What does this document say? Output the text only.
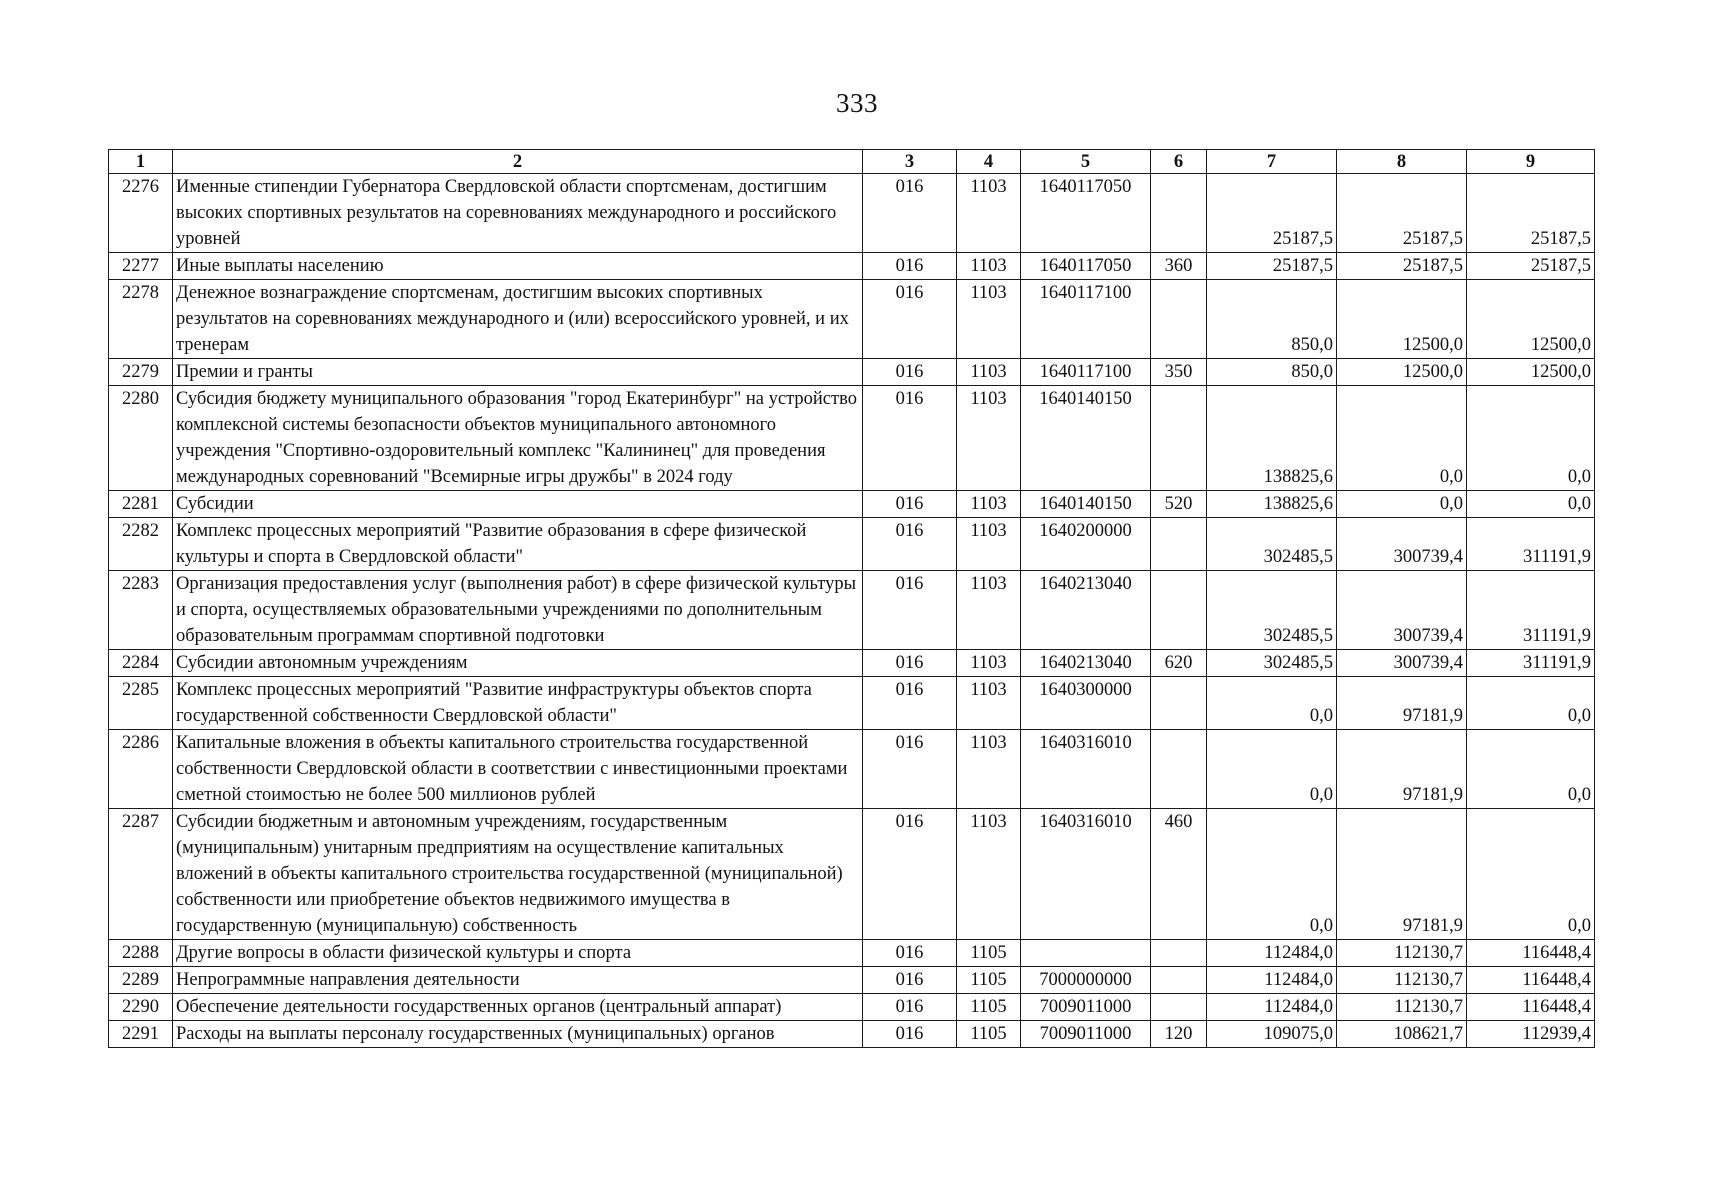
333
1	2	3	4	5	6	7	8	9
2276	Именные стипендии Губернатора Свердловской области спортсменам, достигшим высоких спортивных результатов на соревнованиях международного и российского уровней	016	1103	1640117050		25187,5	25187,5	25187,5
2277	Иные выплаты населению	016	1103	1640117050	360	25187,5	25187,5	25187,5
2278	Денежное вознаграждение спортсменам, достигшим высоких спортивных результатов на соревнованиях международного и (или) всероссийского уровней, и их тренерам	016	1103	1640117100		850,0	12500,0	12500,0
2279	Премии и гранты	016	1103	1640117100	350	850,0	12500,0	12500,0
2280	Субсидия бюджету муниципального образования "город Екатеринбург" на устройство комплексной системы безопасности объектов муниципального автономного учреждения "Спортивно-оздоровительный комплекс "Калининец" для проведения международных соревнований "Всемирные игры дружбы" в 2024 году	016	1103	1640140150		138825,6	0,0	0,0
2281	Субсидии	016	1103	1640140150	520	138825,6	0,0	0,0
2282	Комплекс процессных мероприятий "Развитие образования в сфере физической культуры и спорта в Свердловской области"	016	1103	1640200000		302485,5	300739,4	311191,9
2283	Организация предоставления услуг (выполнения работ) в сфере физической культуры и спорта, осуществляемых образовательными учреждениями по дополнительным образовательным программам спортивной подготовки	016	1103	1640213040		302485,5	300739,4	311191,9
2284	Субсидии автономным учреждениям	016	1103	1640213040	620	302485,5	300739,4	311191,9
2285	Комплекс процессных мероприятий "Развитие инфраструктуры объектов спорта государственной собственности Свердловской области"	016	1103	1640300000		0,0	97181,9	0,0
2286	Капитальные вложения в объекты капитального строительства государственной собственности Свердловской области в соответствии с инвестиционными проектами сметной стоимостью не более 500 миллионов рублей	016	1103	1640316010		0,0	97181,9	0,0
2287	Субсидии бюджетным и автономным учреждениям, государственным (муниципальным) унитарным предприятиям на осуществление капитальных вложений в объекты капитального строительства государственной (муниципальной) собственности или приобретение объектов недвижимого имущества в государственную (муниципальную) собственность	016	1103	1640316010	460	0,0	97181,9	0,0
2288	Другие вопросы в области физической культуры и спорта	016	1105			112484,0	112130,7	116448,4
2289	Непрограммные направления деятельности	016	1105	7000000000		112484,0	112130,7	116448,4
2290	Обеспечение деятельности государственных органов (центральный аппарат)	016	1105	7009011000		112484,0	112130,7	116448,4
2291	Расходы на выплаты персоналу государственных (муниципальных) органов	016	1105	7009011000	120	109075,0	108621,7	112939,4
